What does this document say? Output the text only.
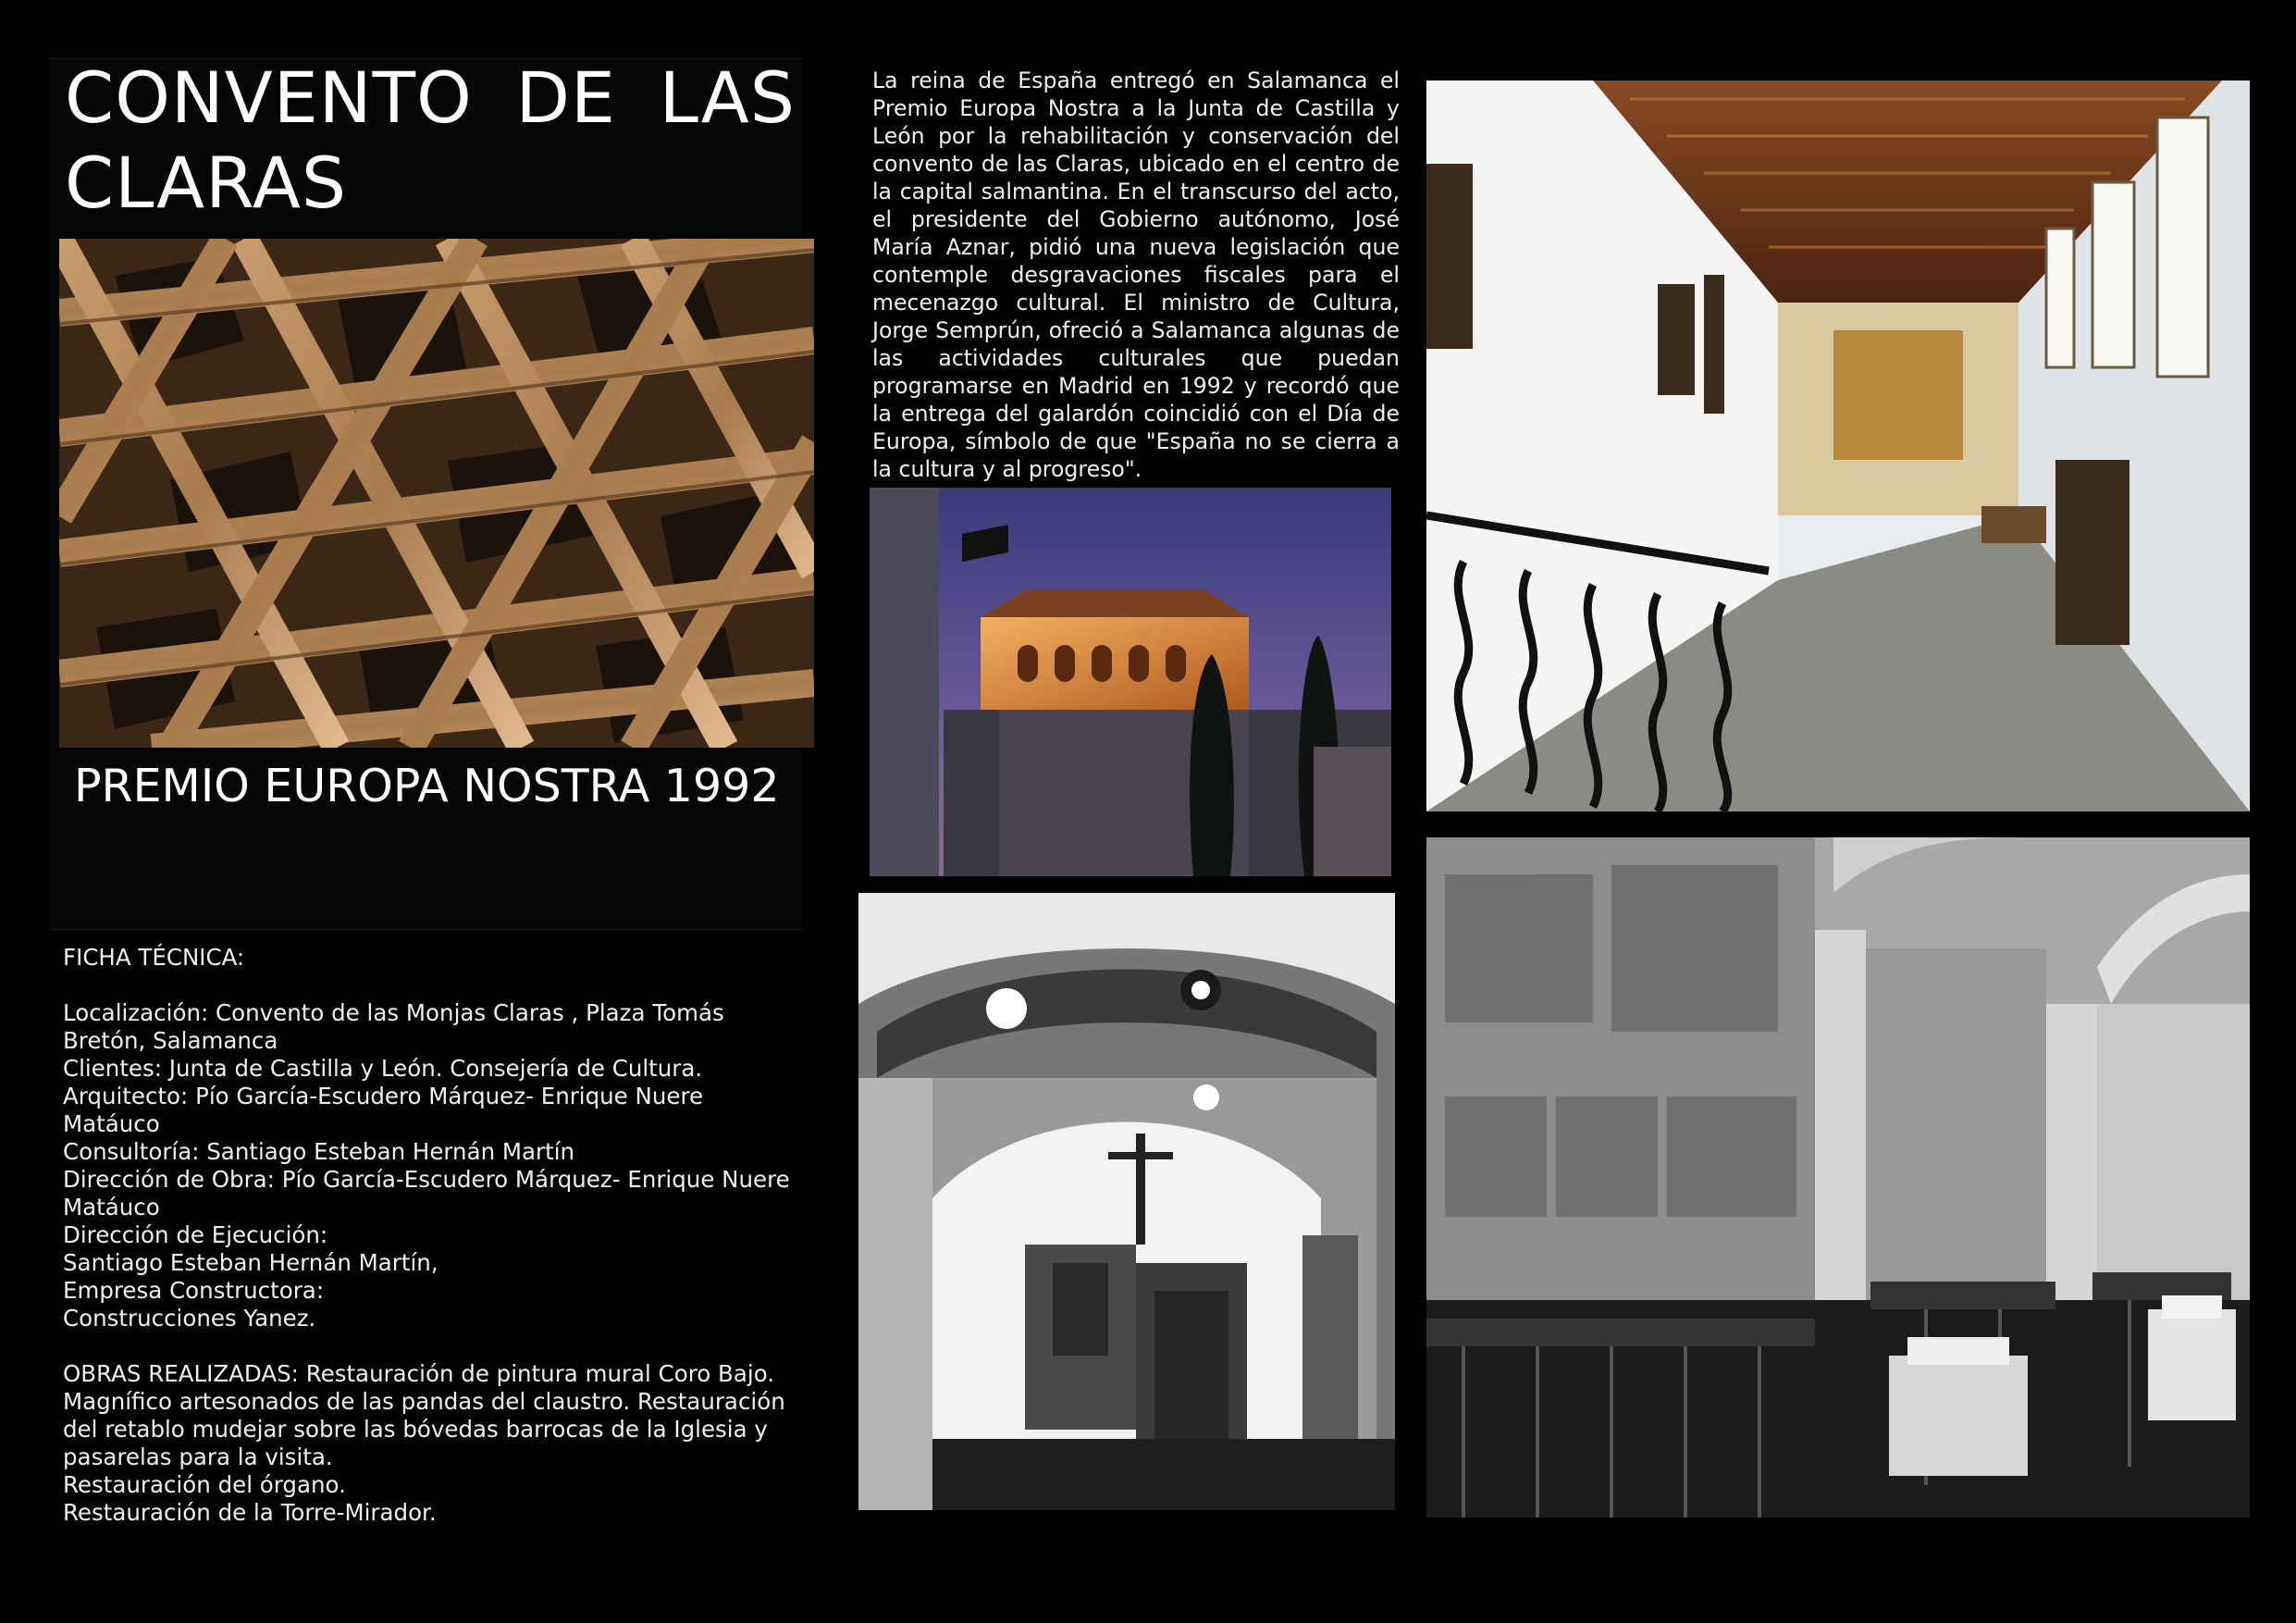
CONVENTO DE LAS CLARAS
PREMIO EUROPA NOSTRA 1992

FICHA TÉCNICA:

Localización: Convento de las Monjas Claras , Plaza Tomás Bretón, Salamanca

Clientes: Junta de Castilla y León. Consejería de Cultura.

Arquitecto: Pío García-Escudero Márquez- Enrique Nuere Matáuco

Consultoría: Santiago Esteban Hernán Martín

Dirección de Obra: Pío García-Escudero Márquez- Enrique Nuere Matáuco

Dirección de Ejecución:

Santiago Esteban Hernán Martín,

Empresa Constructora:

Construcciones Yanez.

OBRAS REALIZADAS: Restauración de pintura mural Coro Bajo. Magnífico artesonados de las pandas del claustro. Restauración del retablo mudejar sobre las bóvedas barrocas de la Iglesia y pasarelas para la visita.

Restauración del órgano.

Restauración de la Torre-Mirador.

La reina de España entregó en Salamanca el Premio Europa Nostra a la Junta de Castilla y León por la rehabilitación y conservación del convento de las Claras, ubicado en el centro de la capital salmantina. En el transcurso del acto, el presidente del Gobierno autónomo, José María Aznar, pidió una nueva legislación que contemple desgravaciones fiscales para el mecenazgo cultural. El ministro de Cultura, Jorge Semprún, ofreció a Salamanca algunas de las actividades culturales que puedan programarse en Madrid en 1992 y recordó que la entrega del galardón coincidió con el Día de Europa, símbolo de que "España no se cierra a la cultura y al progreso".
